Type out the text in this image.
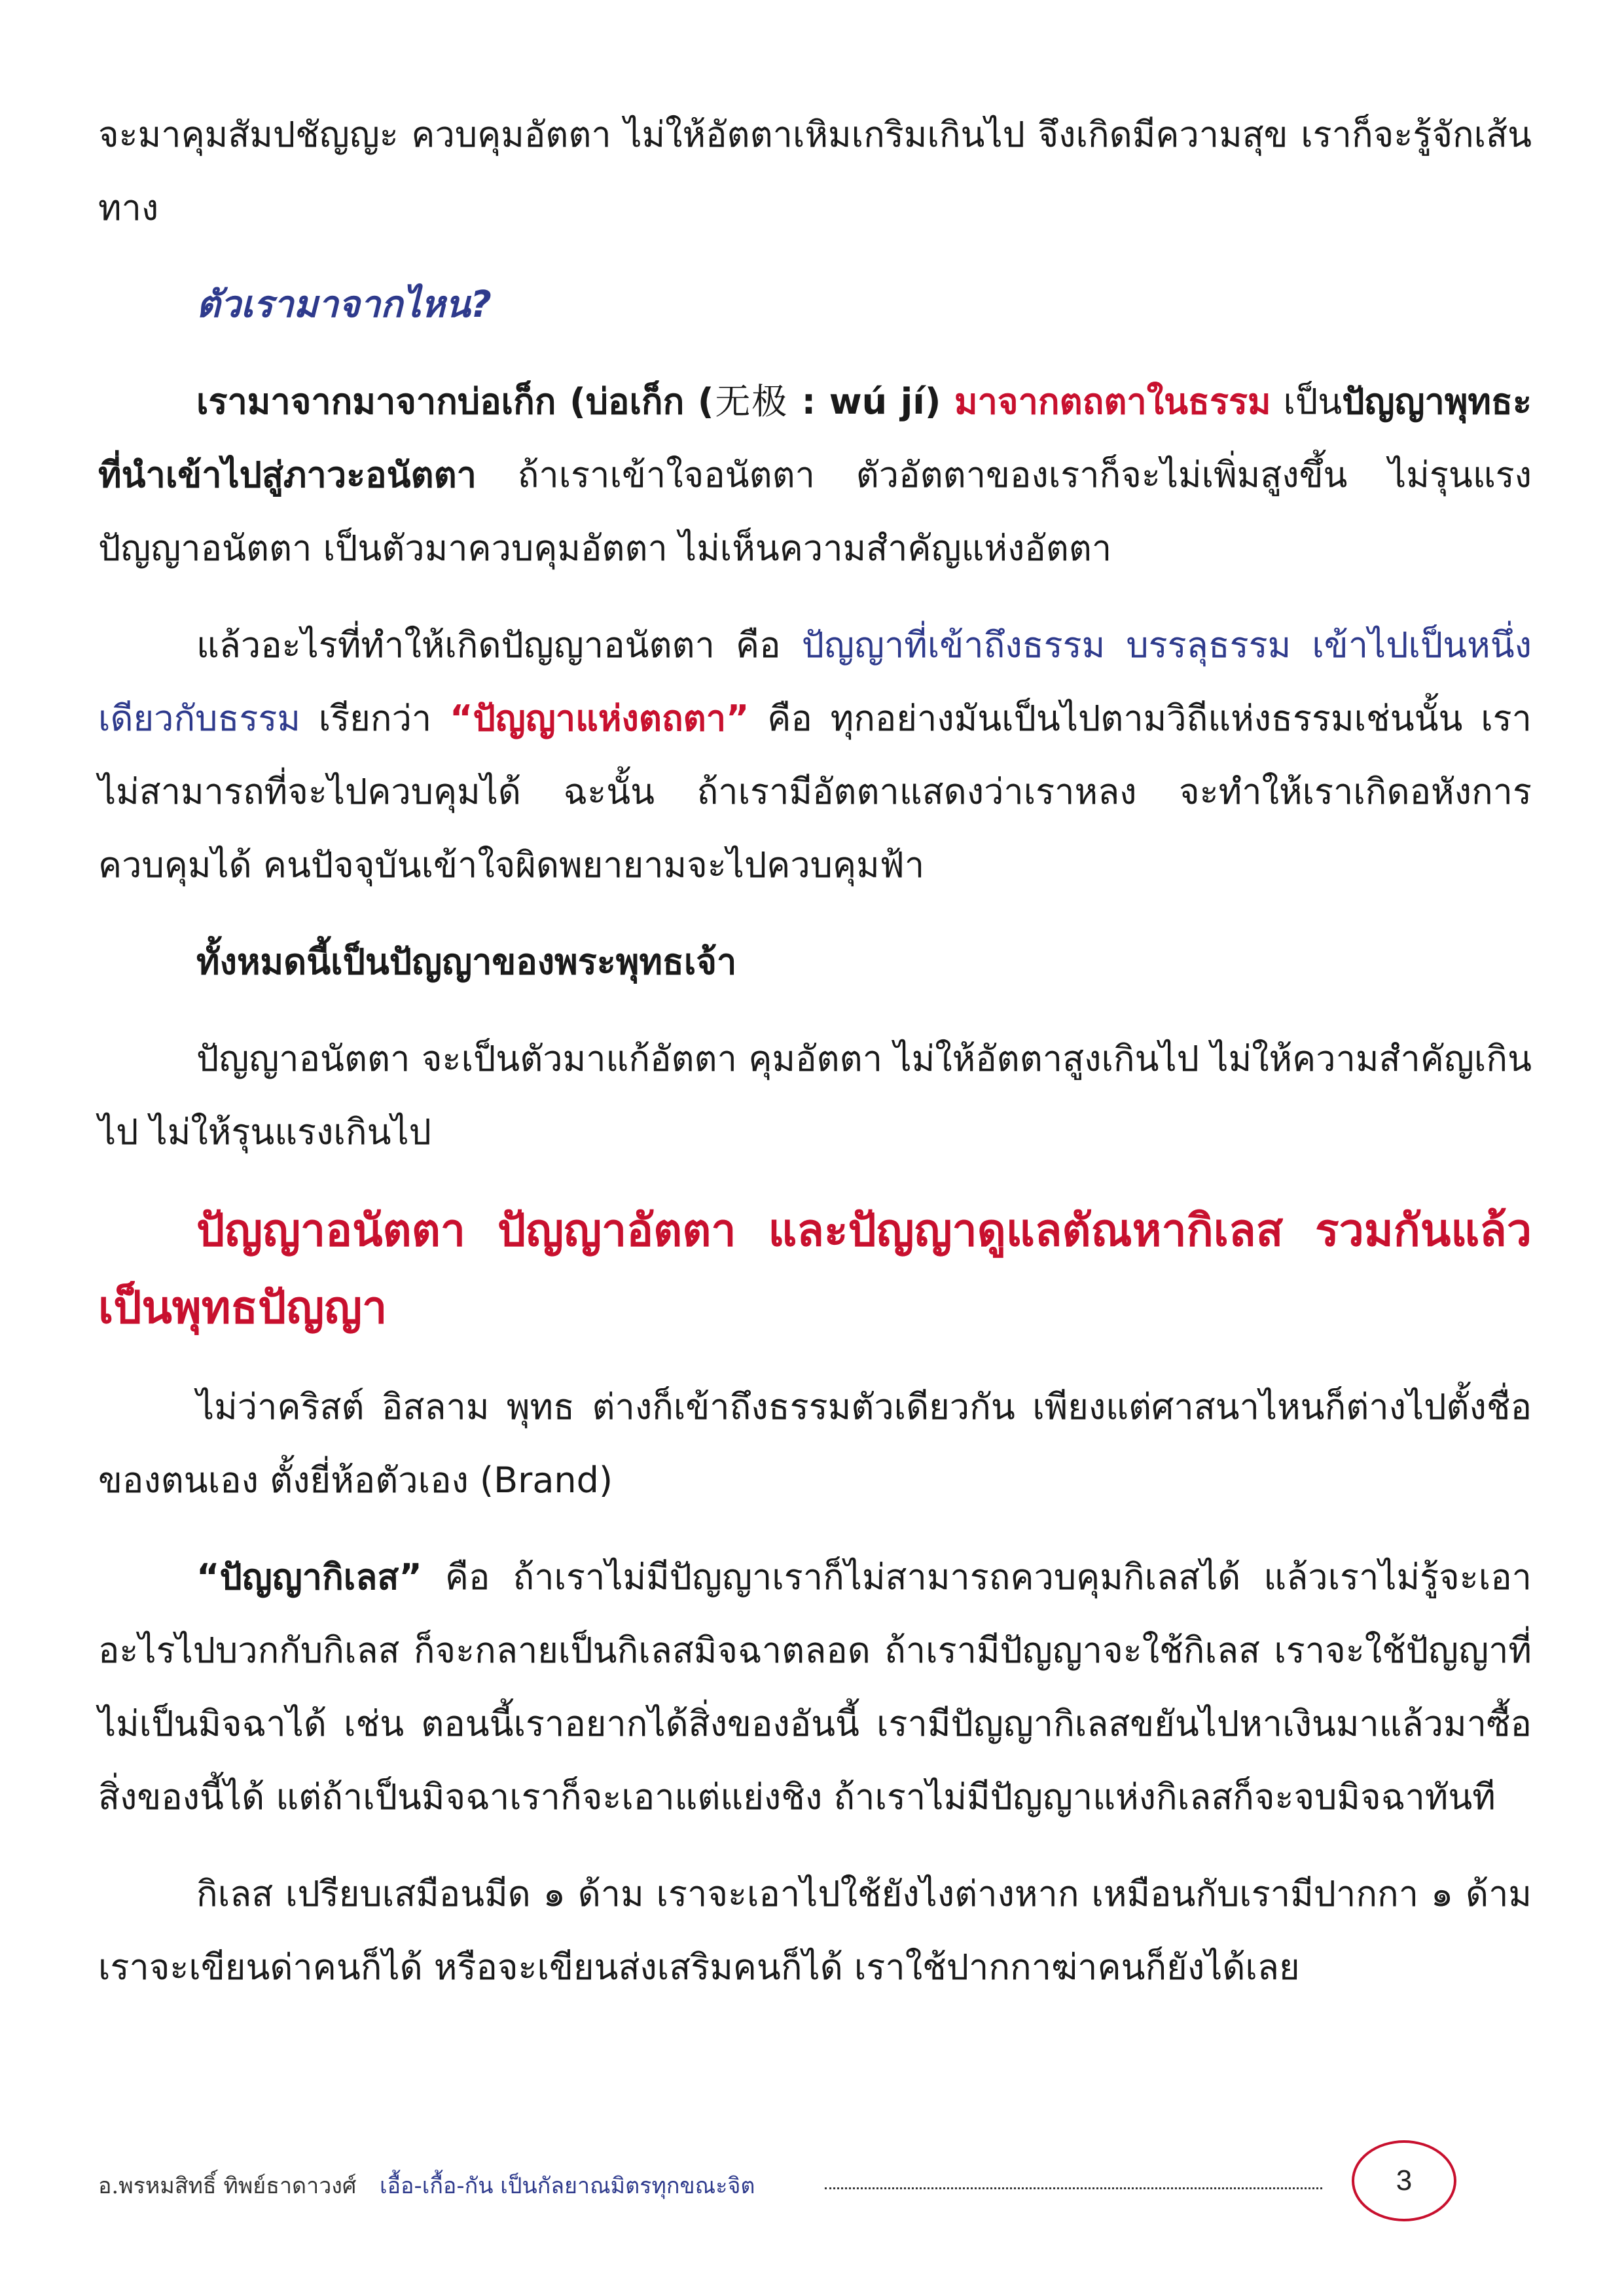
จะมาคุมสัมปชัญญะ ควบคุมอัตตา ไม่ให้อัตตาเหิมเกริมเกินไป จึงเกิดมีความสุข เราก็จะรู้จักเส้นทาง

ตัวเรามาจากไหน?

เรามาจากมาจากบ่อเก็ก (บ่อเก็ก (无极 : wú jí) มาจากตถตาในธรรม เป็นปัญญาพุทธะ ที่นำเข้าไปสู่ภาวะอนัตตา ถ้าเราเข้าใจอนัตตา ตัวอัตตาของเราก็จะไม่เพิ่มสูงขึ้น ไม่รุนแรง ปัญญาอนัตตา เป็นตัวมาควบคุมอัตตา ไม่เห็นความสำคัญแห่งอัตตา

แล้วอะไรที่ทำให้เกิดปัญญาอนัตตา คือ ปัญญาที่เข้าถึงธรรม บรรลุธรรม เข้าไปเป็นหนึ่งเดียวกับธรรม เรียกว่า “ปัญญาแห่งตถตา” คือ ทุกอย่างมันเป็นไปตามวิถีแห่งธรรมเช่นนั้น เราไม่สามารถที่จะไปควบคุมได้ ฉะนั้น ถ้าเรามีอัตตาแสดงว่าเราหลง จะทำให้เราเกิดอหังการควบคุมได้ คนปัจจุบันเข้าใจผิดพยายามจะไปควบคุมฟ้า

ทั้งหมดนี้เป็นปัญญาของพระพุทธเจ้า

ปัญญาอนัตตา จะเป็นตัวมาแก้อัตตา คุมอัตตา ไม่ให้อัตตาสูงเกินไป ไม่ให้ความสำคัญเกินไป ไม่ให้รุนแรงเกินไป

ปัญญาอนัตตา ปัญญาอัตตา และปัญญาดูแลตัณหากิเลส รวมกันแล้วเป็นพุทธปัญญา

ไม่ว่าคริสต์ อิสลาม พุทธ ต่างก็เข้าถึงธรรมตัวเดียวกัน เพียงแต่ศาสนาไหนก็ต่างไปตั้งชื่อของตนเอง ตั้งยี่ห้อตัวเอง (Brand)

“ปัญญากิเลส” คือ ถ้าเราไม่มีปัญญาเราก็ไม่สามารถควบคุมกิเลสได้ แล้วเราไม่รู้จะเอาอะไรไปบวกกับกิเลส ก็จะกลายเป็นกิเลสมิจฉาตลอด ถ้าเรามีปัญญาจะใช้กิเลส เราจะใช้ปัญญาที่ไม่เป็นมิจฉาได้ เช่น ตอนนี้เราอยากได้สิ่งของอันนี้ เรามีปัญญากิเลสขยันไปหาเงินมาแล้วมาซื้อสิ่งของนี้ได้ แต่ถ้าเป็นมิจฉาเราก็จะเอาแต่แย่งชิง ถ้าเราไม่มีปัญญาแห่งกิเลสก็จะจบมิจฉาทันที

กิเลส เปรียบเสมือนมีด ๑ ด้าม เราจะเอาไปใช้ยังไงต่างหาก เหมือนกับเรามีปากกา ๑ ด้าม เราจะเขียนด่าคนก็ได้ หรือจะเขียนส่งเสริมคนก็ได้ เราใช้ปากกาฆ่าคนก็ยังได้เลย

อ.พรหมสิทธิ์ ทิพย์ธาดาวงศ์ เอื้อ-เกื้อ-กัน เป็นกัลยาณมิตรทุกขณะจิต	3
